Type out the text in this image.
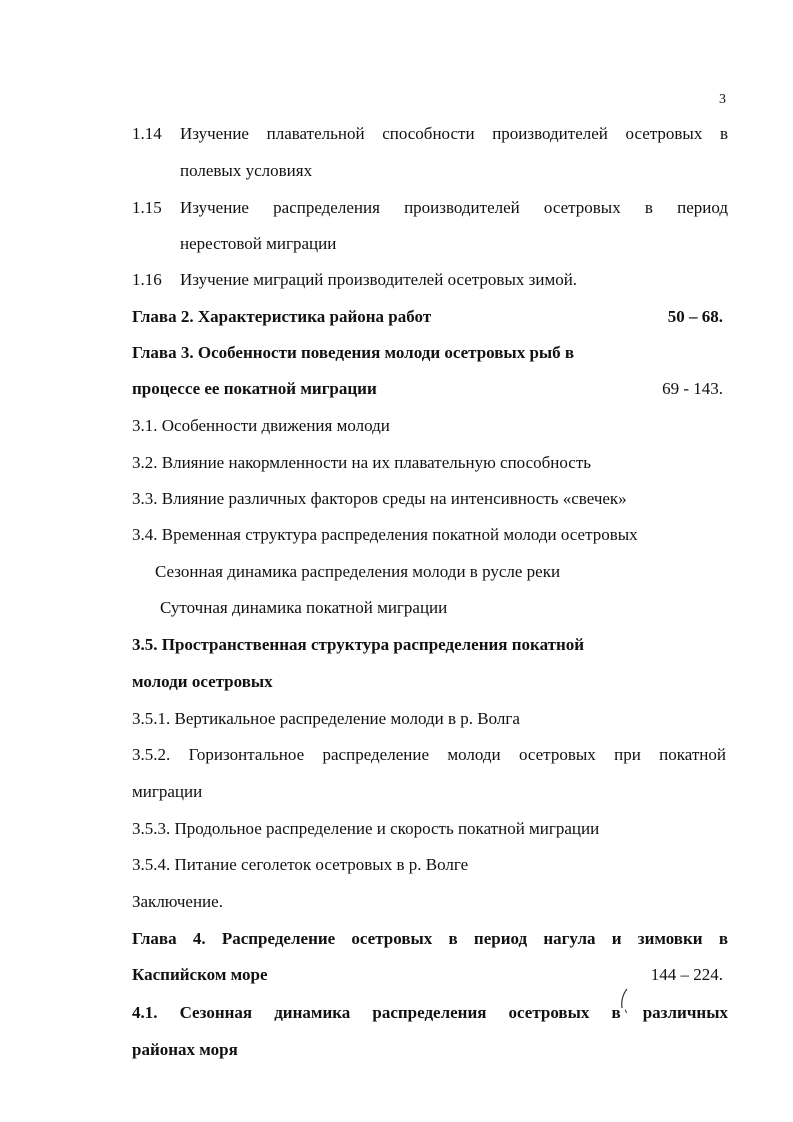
3
1.14 Изучение плавательной способности производителей осетровых в
полевых условиях
1.15 Изучение распределения производителей осетровых в период
нерестовой миграции
1.16 Изучение миграций производителей осетровых зимой.
Глава 2. Характеристика района работ	50 – 68.
Глава 3. Особенности поведения молоди осетровых рыб в
процессе ее покатной миграции	69 - 143.
3.1. Особенности движения молоди
3.2. Влияние накормленности на их плавательную способность
3.3. Влияние различных факторов среды на интенсивность «свечек»
3.4. Временная структура распределения покатной молоди осетровых
Сезонная динамика распределения молоди в русле реки
Суточная динамика покатной миграции
3.5. Пространственная структура распределения покатной
молоди осетровых
3.5.1. Вертикальное распределение молоди в р. Волга
3.5.2. Горизонтальное распределение молоди осетровых при покатной
миграции
3.5.3. Продольное распределение и скорость покатной миграции
3.5.4. Питание сеголеток осетровых в р. Волге
Заключение.
Глава 4. Распределение осетровых в период нагула и зимовки в
Каспийском море	144 – 224.
4.1. Сезонная динамика распределения осетровых в различных
районах моря
